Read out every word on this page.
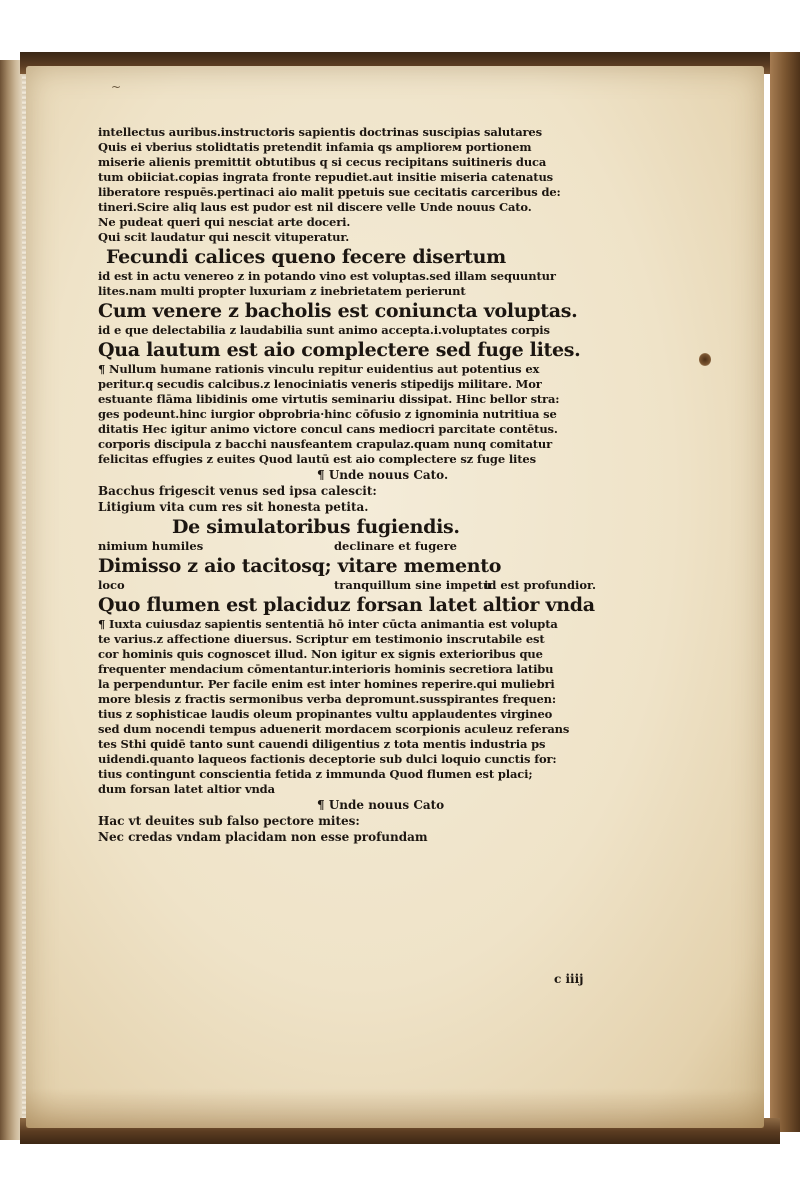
~
intellectus auribus.instructoris sapientis doctrinas suscipias salutares
Quis ei vberius stolidtatis pretendit infamia qs amplioreм portionem
miserie alienis premittit obtutibus q si cecus recipitans suitineris duca
tum obiiciat.copias ingrata fronte repudiet.aut insitie miseria catenatus
liberatore respuēs.pertinaci aio malit ppetuis sue cecitatis carceribus de:
tineri.Scire aliq laus est pudor est nil discere velle Unde nouus Cato.
Ne pudeat queri qui nesciat arte doceri.
Qui scit laudatur qui nescit vituperatur.
Fecundi calices queno fecere disertum
id est in actu venereo z in potando vino est voluptas.sed illam sequuntur
lites.nam multi propter luxuriam z inebrietatem perierunt
Cum venere z bacholis est coniuncta voluptas.
id e que delectabilia z laudabilia sunt animo accepta.i.voluptates corpis
Qua lautum est aio complectere sed fuge lites.
¶ Nullum humane rationis vinculu repitur euidentius aut potentius ex
peritur.q secudis calcibus.z lenociniatis veneris stipedijs militare. Mor
estuante flāma libidinis ome virtutis seminariu dissipat. Hinc bellor stra:
ges podeunt.hinc iurgior obprobria·hinc cōfusio z ignominia nutritiua se
ditatis Hec igitur animo victore concul cans mediocri parcitate contētus.
corporis discipula z bacchi nausfeantem crapulaz.quam nunq comitatur
felicitas effugies z euites Quod lautū est aio complectere sz fuge lites
¶ Unde nouus Cato.
Bacchus frigescit venus sed ipsa calescit:
Litigium vita cum res sit honesta petita.
De simulatoribus fugiendis.
nimium humiles	declinare et fugere
Dimisso z aio tacitosq; vitare memento
loco	tranquillum sine impetu
id est profundior.
Quo flumen est placiduz forsan latet altior vnda
¶ Iuxta cuiusdaz sapientis sententiā hō inter cūcta animantia est volupta
te varius.z affectione diuersus. Scriptur em testimonio inscrutabile est
cor hominis quis cognoscet illud. Non igitur ex signis exterioribus que
frequenter mendacium cōmentantur.interioris hominis secretiora latibu
la perpenduntur. Per facile enim est inter homines reperire.qui muliebri
more blesis z fractis sermonibus verba depromunt.susspirantes frequen:
tius z sophisticae laudis oleum propinantes vultu applaudentes virgineo
sed dum nocendi tempus aduenerit mordacem scorpionis aculeuz referans
tes Sthi quidē tanto sunt cauendi diligentius z tota mentis industria ps
uidendi.quanto laqueos factionis deceptorie sub dulci loquio cunctis for:
tius contingunt conscientia fetida z immunda Quod flumen est placi;
dum forsan latet altior vnda
¶ Unde nouus Cato
Hac vt deuites sub falso pectore mites:
Nec credas vndam placidam non esse profundam
c iiij
